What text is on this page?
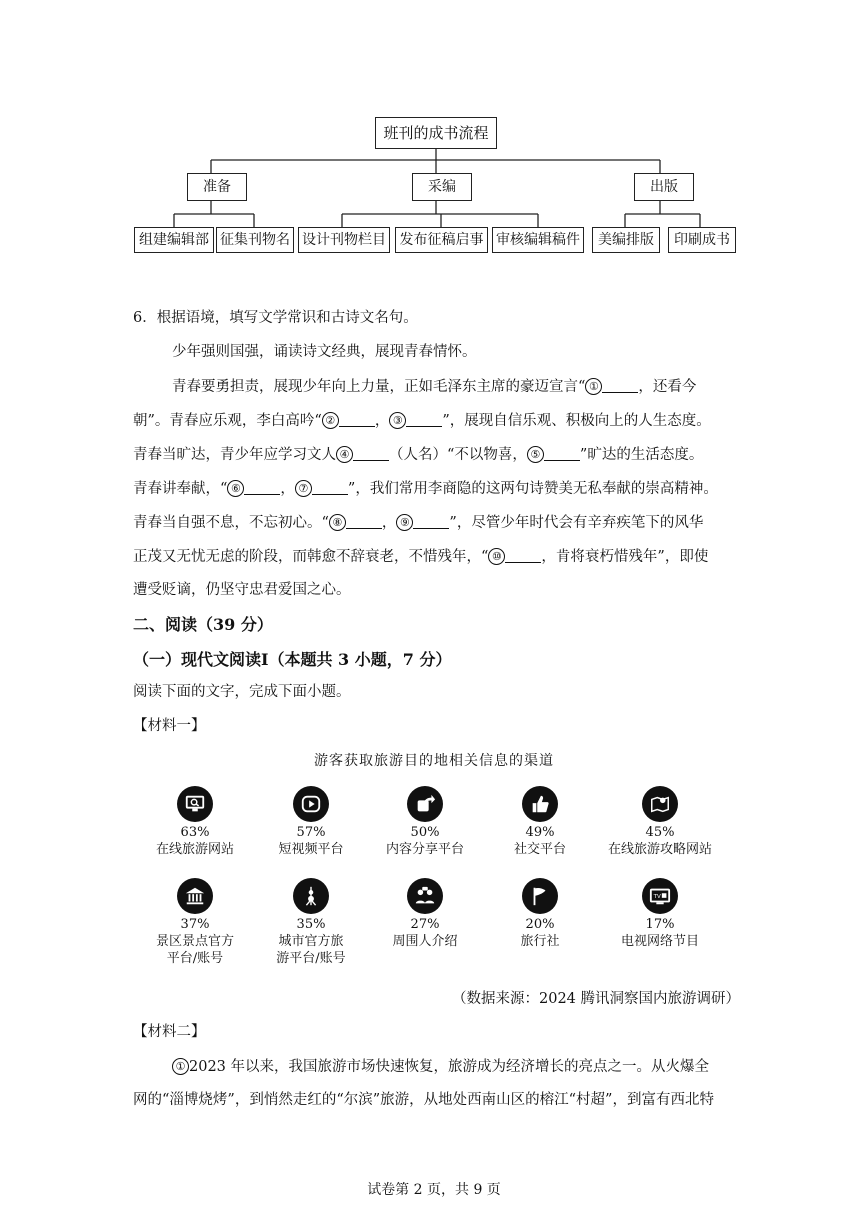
班刊的成书流程
准备	采编	出版
组建编辑部 征集刊物名 设计刊物栏目 发布征稿启事 审核编辑稿件	美编排版	印刷成书
6．根据语境，填写文学常识和古诗文名句。
少年强则国强，诵读诗文经典，展现青春情怀。
青春要勇担责，展现少年向上力量，正如毛泽东主席的豪迈宣言“ ①	，还看今
朝”。青春应乐观，李白高吟“ ②	， ③	”，展现自信乐观、积极向上的人生态度。
青春当旷达，青少年应学习文人 ④	（人名）“不以物喜， ⑤	”旷达的生活态度。
青春讲奉献，“ ⑥	， ⑦	”，我们常用李商隐的这两句诗赞美无私奉献的崇高精神。
青春当自强不息，不忘初心。“ ⑧	， ⑨	”，尽管少年时代会有辛弃疾笔下的风华
正茂又无忧无虑的阶段，而韩愈不辞衰老，不惜残年，“ ⑩	，肯将衰朽惜残年”，即使
遭受贬谪，仍坚守忠君爱国之心。
二、阅读（39 分）
（一）现代文阅读I（本题共 3 小题，7 分）
阅读下面的文字，完成下面小题。
【材料一】
游客获取旅游目的地相关信息的渠道
63%
在线旅游网站
57%
短视频平台
50%
内容分享平台
49%
社交平台
45%
在线旅游攻略网站
37%
景区景点官方
平台/账号
35%
城市官方旅
游平台/账号
27%
周围人介绍
20%
旅行社
TV
17%
电视网络节目
（数据来源：2024 腾讯洞察国内旅游调研）
【材料二】
① 2023 年以来，我国旅游市场快速恢复，旅游成为经济增长的亮点之一。从火爆全
网的“淄博烧烤”，到悄然走红的“尔滨”旅游，从地处西南山区的榕江“村超”，到富有西北特
试卷第 2 页，共 9 页
